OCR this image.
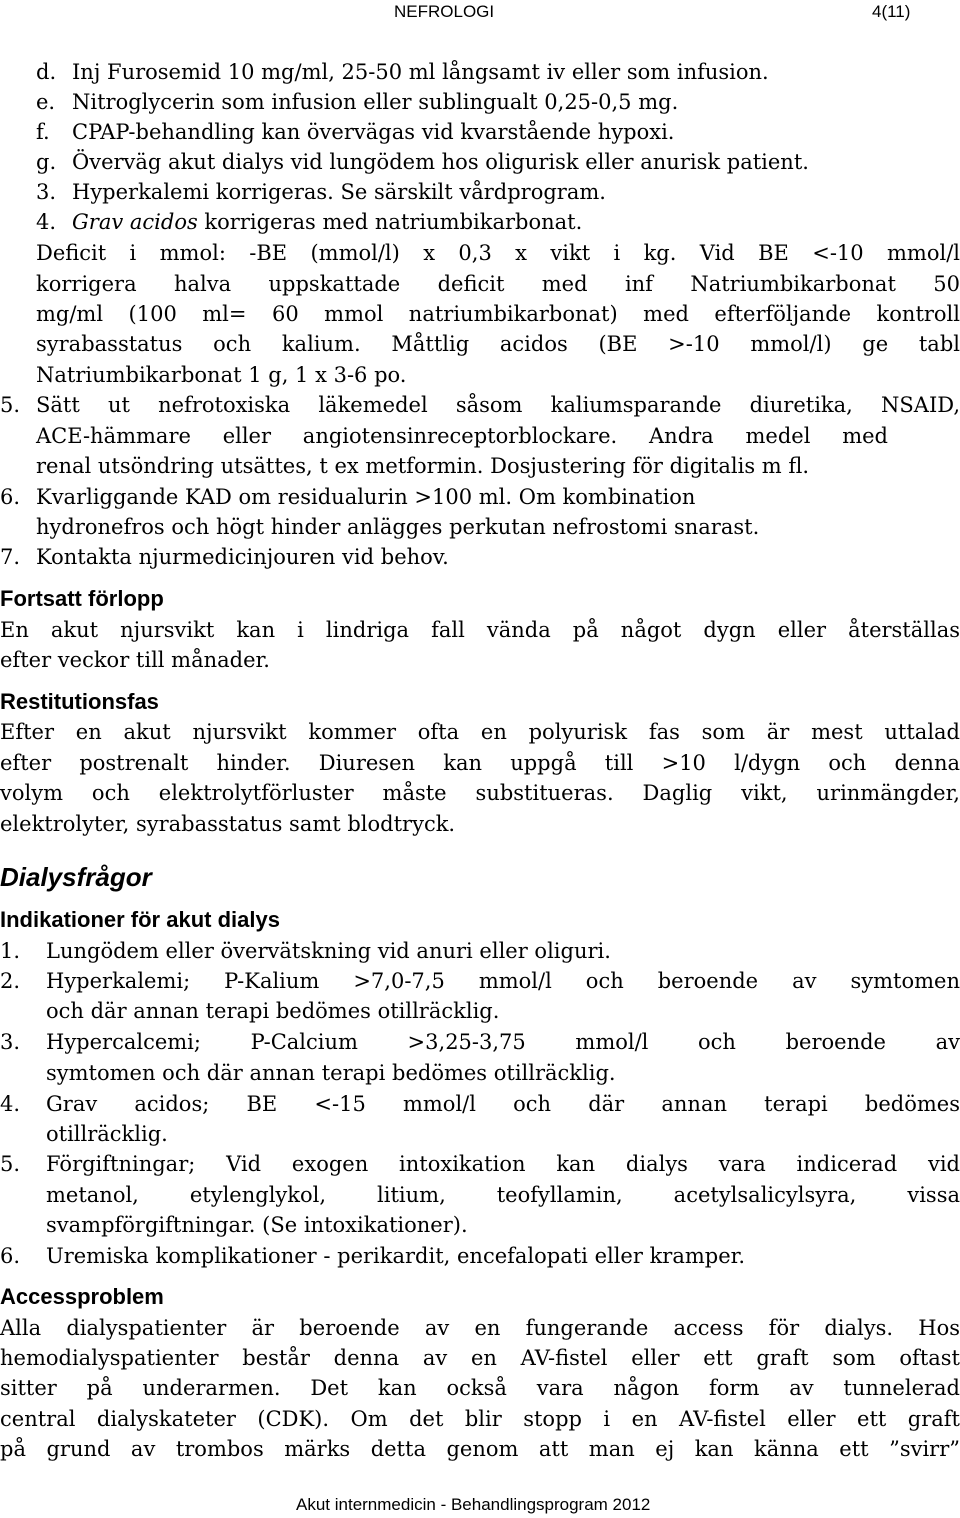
NEFROLOGI	4(11)
d. Inj Furosemid 10 mg/ml, 25-50 ml långsamt iv eller som infusion.
e. Nitroglycerin som infusion eller sublingualt 0,25-0,5 mg.
f. CPAP-behandling kan övervägas vid kvarstående hypoxi.
g. Överväg akut dialys vid lungödem hos oligurisk eller anurisk patient.
3. Hyperkalemi korrigeras. Se särskilt vårdprogram.
4. Grav acidos korrigeras med natriumbikarbonat.
Deficit i mmol: -BE (mmol/l) x 0,3 x vikt i kg. Vid BE <-10 mmol/l
korrigera halva uppskattade deficit med inf Natriumbikarbonat 50
mg/ml (100 ml= 60 mmol natriumbikarbonat) med efterföljande kontroll
syrabasstatus och kalium. Måttlig acidos (BE >-10 mmol/l) ge tabl
Natriumbikarbonat 1 g, 1 x 3-6 po.
5. Sätt ut nefrotoxiska läkemedel såsom kaliumsparande diuretika, NSAID,
ACE-hämmare eller angiotensinreceptorblockare. Andra medel med
renal utsöndring utsättes, t ex metformin. Dosjustering för digitalis m fl.
6. Kvarliggande KAD om residualurin >100 ml. Om kombination
hydronefros och högt hinder anlägges perkutan nefrostomi snarast.
7. Kontakta njurmedicinjouren vid behov.
Fortsatt förlopp
En akut njursvikt kan i lindriga fall vända på något dygn eller återställas
efter veckor till månader.
Restitutionsfas
Efter en akut njursvikt kommer ofta en polyurisk fas som är mest uttalad
efter postrenalt hinder. Diuresen kan uppgå till >10 l/dygn och denna
volym och elektrolytförluster måste substitueras. Daglig vikt, urinmängder,
elektrolyter, syrabasstatus samt blodtryck.
Dialysfrågor
Indikationer för akut dialys
1. Lungödem eller övervätskning vid anuri eller oliguri.
2. Hyperkalemi; P-Kalium >7,0-7,5 mmol/l och beroende av symtomen
och där annan terapi bedömes otillräcklig.
3. Hypercalcemi; P-Calcium >3,25-3,75 mmol/l och beroende av
symtomen och där annan terapi bedömes otillräcklig.
4. Grav acidos; BE <-15 mmol/l och där annan terapi bedömes
otillräcklig.
5. Förgiftningar; Vid exogen intoxikation kan dialys vara indicerad vid
metanol, etylenglykol, litium, teofyllamin, acetylsalicylsyra, vissa
svampförgiftningar. (Se intoxikationer).
6. Uremiska komplikationer - perikardit, encefalopati eller kramper.
Accessproblem
Alla dialyspatienter är beroende av en fungerande access för dialys. Hos
hemodialyspatienter består denna av en AV-fistel eller ett graft som oftast
sitter på underarmen. Det kan också vara någon form av tunnelerad
central dialyskateter (CDK). Om det blir stopp i en AV-fistel eller ett graft
på grund av trombos märks detta genom att man ej kan känna ett ”svirr”
Akut internmedicin - Behandlingsprogram 2012
